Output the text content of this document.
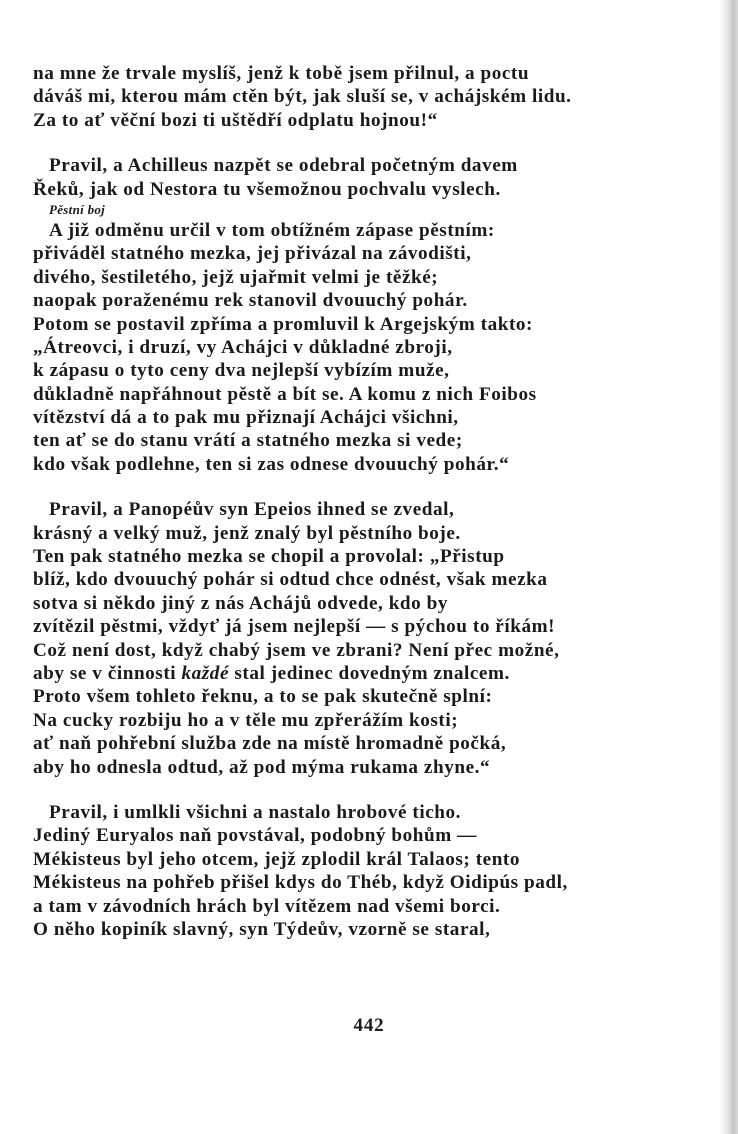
na mne že trvale myslíš, jenž k tobě jsem přilnul, a poctu
dáváš mi, kterou mám ctěn být, jak sluší se, v achájském lidu.
Za to ať věční bozi ti uštědří odplatu hojnou!“
Pravil, a Achilleus nazpět se odebral početným davem
Řeků, jak od Nestora tu všemožnou pochvalu vyslech.
Pěstní boj
A již odměnu určil v tom obtížném zápase pěstním:
přiváděl statného mezka, jej přivázal na závodišti,
divého, šestiletého, jejž ujařmit velmi je těžké;
naopak poraženému rek stanovil dvouuchý pohár.
Potom se postavil zpříma a promluvil k Argejským takto:
„Átreovci, i druzí, vy Achájci v důkladné zbroji,
k zápasu o tyto ceny dva nejlepší vybízím muže,
důkladně napřáhnout pěstě a bít se. A komu z nich Foibos
vítězství dá a to pak mu přiznají Achájci všichni,
ten ať se do stanu vrátí a statného mezka si vede;
kdo však podlehne, ten si zas odnese dvouuchý pohár.“
Pravil, a Panopéův syn Epeios ihned se zvedal,
krásný a velký muž, jenž znalý byl pěstního boje.
Ten pak statného mezka se chopil a provolal: „Přistup
blíž, kdo dvouuchý pohár si odtud chce odnést, však mezka
sotva si někdo jiný z nás Achájů odvede, kdo by
zvítězil pěstmi, vždyť já jsem nejlepší — s pýchou to říkám!
Což není dost, když chabý jsem ve zbrani? Není přec možné,
aby se v činnosti každé stal jedinec dovedným znalcem.
Proto všem tohleto řeknu, a to se pak skutečně splní:
Na cucky rozbiju ho a v těle mu zpřerážím kosti;
ať naň pohřební služba zde na místě hromadně počká,
aby ho odnesla odtud, až pod mýma rukama zhyne.“
Pravil, i umlkli všichni a nastalo hrobové ticho.
Jediný Euryalos naň povstával, podobný bohům —
Mékisteus byl jeho otcem, jejž zplodil král Talaos; tento
Mékisteus na pohřeb přišel kdys do Théb, když Oidipús padl,
a tam v závodních hrách byl vítězem nad všemi borci.
O něho kopiník slavný, syn Týdeův, vzorně se staral,
442
